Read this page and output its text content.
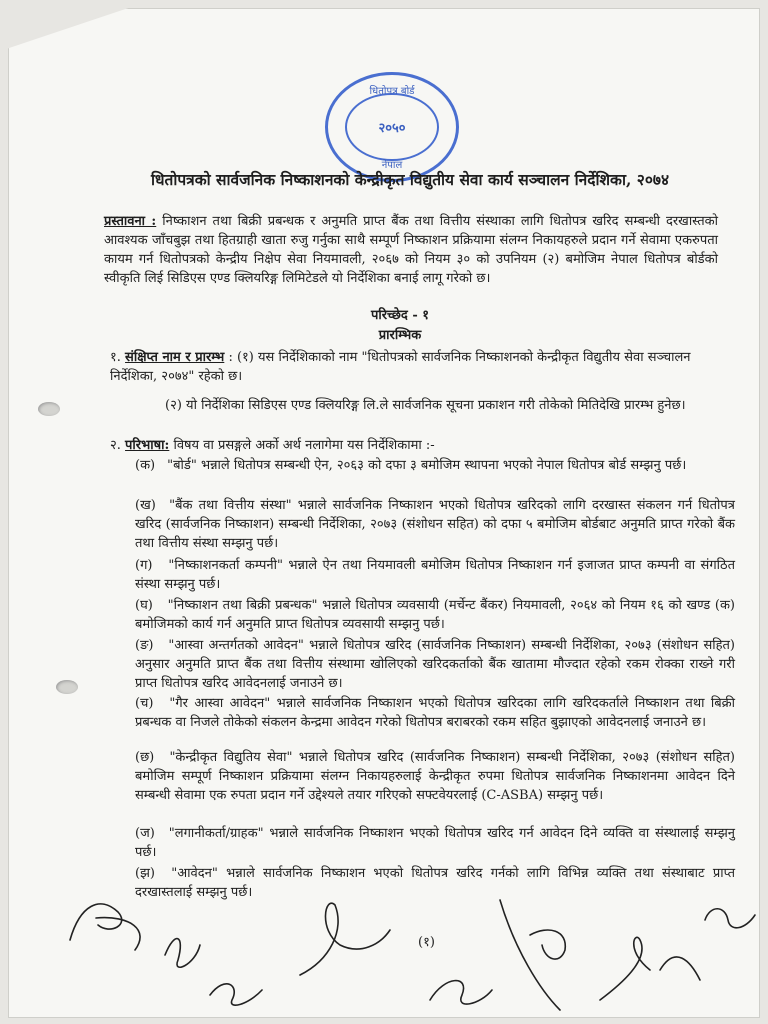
धितोपत्र बोर्ड
२०५०
नेपाल
धितोपत्रको सार्वजनिक निष्काशनको केन्द्रीकृत विद्युतीय सेवा कार्य सञ्चालन निर्देशिका, २०७४
प्रस्तावना : निष्काशन तथा बिक्री प्रबन्धक र अनुमति प्राप्त बैंक तथा वित्तीय संस्थाका लागि धितोपत्र खरिद सम्बन्धी दरखास्तको आवश्यक जाँचबुझ तथा हितग्राही खाता रुजु गर्नुका साथै सम्पूर्ण निष्काशन प्रक्रियामा संलग्न निकायहरुले प्रदान गर्ने सेवामा एकरुपता कायम गर्न धितोपत्रको केन्द्रीय निक्षेप सेवा नियमावली, २०६७ को नियम ३० को उपनियम (२) बमोजिम नेपाल धितोपत्र बोर्डको स्वीकृति लिई सिडिएस एण्ड क्लियरिङ्ग लिमिटेडले यो निर्देशिका बनाई लागू गरेको छ।
परिच्छेद - १
प्रारम्भिक
१. संक्षिप्त नाम र प्रारम्भ : (१) यस निर्देशिकाको नाम "धितोपत्रको सार्वजनिक निष्काशनको केन्द्रीकृत विद्युतीय सेवा सञ्चालन निर्देशिका, २०७४" रहेको छ।
(२) यो निर्देशिका सिडिएस एण्ड क्लियरिङ्ग लि.ले सार्वजनिक सूचना प्रकाशन गरी तोकेको मितिदेखि प्रारम्भ हुनेछ।
२. परिभाषा: विषय वा प्रसङ्गले अर्को अर्थ नलागेमा यस निर्देशिकामा :-
(क) "बोर्ड" भन्नाले धितोपत्र सम्बन्धी ऐन, २०६३ को दफा ३ बमोजिम स्थापना भएको नेपाल धितोपत्र बोर्ड सम्झनु पर्छ।
(ख) "बैंक तथा वित्तीय संस्था" भन्नाले सार्वजनिक निष्काशन भएको धितोपत्र खरिदको लागि दरखास्त संकलन गर्न धितोपत्र खरिद (सार्वजनिक निष्काशन) सम्बन्धी निर्देशिका, २०७३ (संशोधन सहित) को दफा ५ बमोजिम बोर्डबाट अनुमति प्राप्त गरेको बैंक तथा वित्तीय संस्था सम्झनु पर्छ।
(ग) "निष्काशनकर्ता कम्पनी" भन्नाले ऐन तथा नियमावली बमोजिम धितोपत्र निष्काशन गर्न इजाजत प्राप्त कम्पनी वा संगठित संस्था सम्झनु पर्छ।
(घ) "निष्काशन तथा बिक्री प्रबन्धक" भन्नाले धितोपत्र व्यवसायी (मर्चेन्ट बैंकर) नियमावली, २०६४ को नियम १६ को खण्ड (क) बमोजिमको कार्य गर्न अनुमति प्राप्त धितोपत्र व्यवसायी सम्झनु पर्छ।
(ङ) "आस्वा अन्तर्गतको आवेदन" भन्नाले धितोपत्र खरिद (सार्वजनिक निष्काशन) सम्बन्धी निर्देशिका, २०७३ (संशोधन सहित) अनुसार अनुमति प्राप्त बैंक तथा वित्तीय संस्थामा खोलिएको खरिदकर्ताको बैंक खातामा मौज्दात रहेको रकम रोक्का राख्ने गरी प्राप्त धितोपत्र खरिद आवेदनलाई जनाउने छ।
(च) "गैर आस्वा आवेदन" भन्नाले सार्वजनिक निष्काशन भएको धितोपत्र खरिदका लागि खरिदकर्ताले निष्काशन तथा बिक्री प्रबन्धक वा निजले तोकेको संकलन केन्द्रमा आवेदन गरेको धितोपत्र बराबरको रकम सहित बुझाएको आवेदनलाई जनाउने छ।
(छ) "केन्द्रीकृत विद्युतिय सेवा" भन्नाले धितोपत्र खरिद (सार्वजनिक निष्काशन) सम्बन्धी निर्देशिका, २०७३ (संशोधन सहित) बमोजिम सम्पूर्ण निष्काशन प्रक्रियामा संलग्न निकायहरुलाई केन्द्रीकृत रुपमा धितोपत्र सार्वजनिक निष्काशनमा आवेदन दिने सम्बन्धी सेवामा एक रुपता प्रदान गर्ने उद्देश्यले तयार गरिएको सफ्टवेयरलाई (C-ASBA) सम्झनु पर्छ।
(ज) "लगानीकर्ता/ग्राहक" भन्नाले सार्वजनिक निष्काशन भएको धितोपत्र खरिद गर्न आवेदन दिने व्यक्ति वा संस्थालाई सम्झनु पर्छ।
(झ) "आवेदन" भन्नाले सार्वजनिक निष्काशन भएको धितोपत्र खरिद गर्नको लागि विभिन्न व्यक्ति तथा संस्थाबाट प्राप्त दरखास्तलाई सम्झनु पर्छ।
(१)
